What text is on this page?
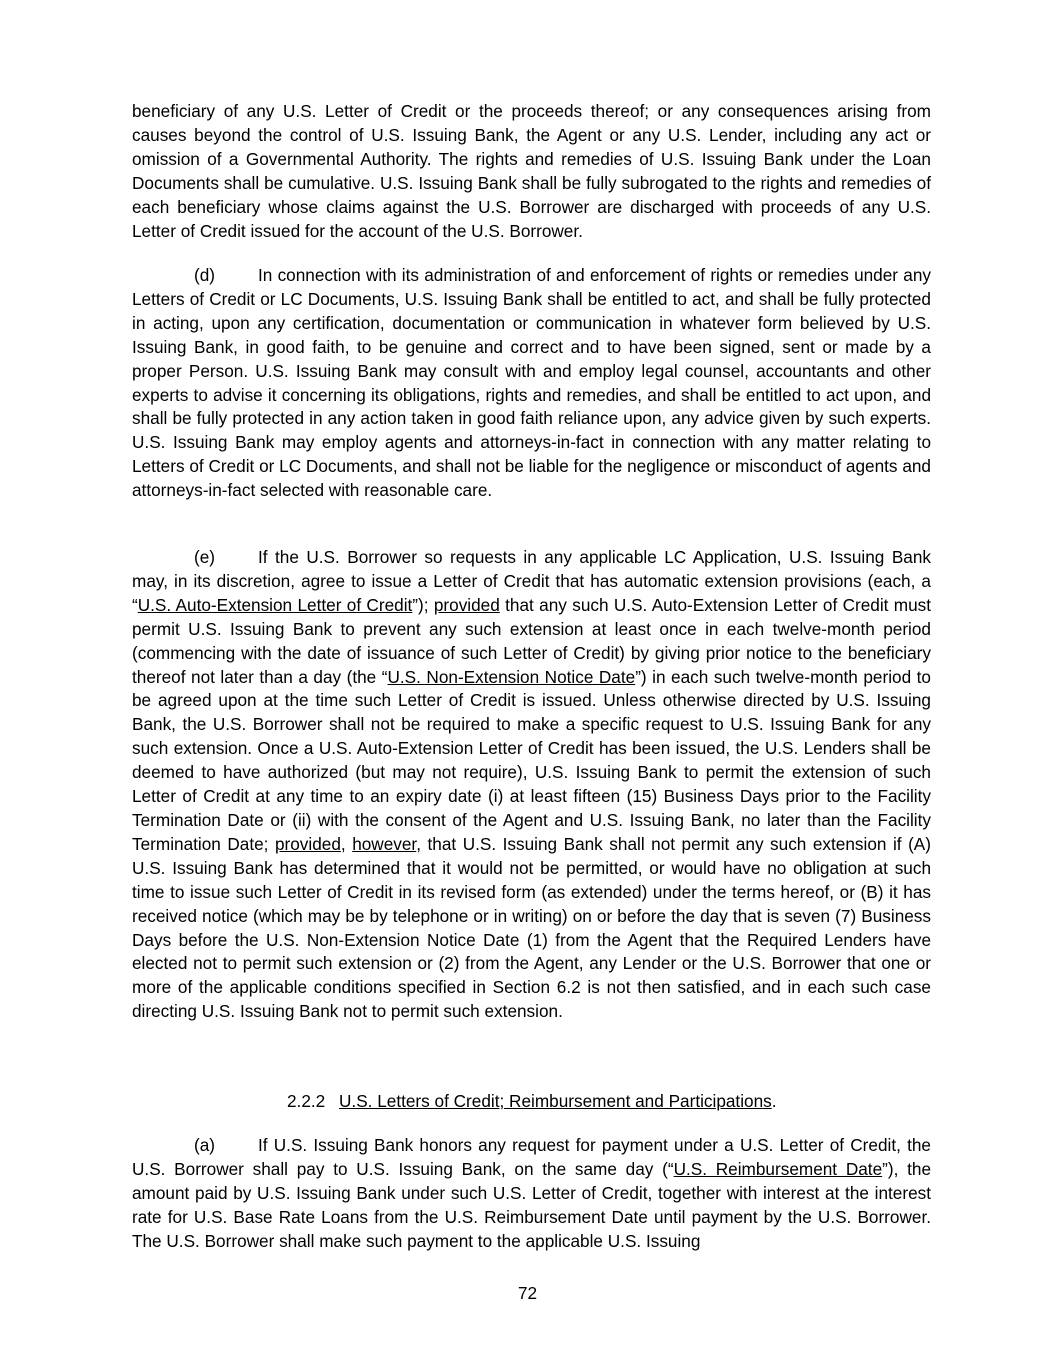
beneficiary of any U.S. Letter of Credit or the proceeds thereof; or any consequences arising from causes beyond the control of U.S. Issuing Bank, the Agent or any U.S. Lender, including any act or omission of a Governmental Authority. The rights and remedies of U.S. Issuing Bank under the Loan Documents shall be cumulative. U.S. Issuing Bank shall be fully subrogated to the rights and remedies of each beneficiary whose claims against the U.S. Borrower are discharged with proceeds of any U.S. Letter of Credit issued for the account of the U.S. Borrower.

(d) In connection with its administration of and enforcement of rights or remedies under any Letters of Credit or LC Documents, U.S. Issuing Bank shall be entitled to act, and shall be fully protected in acting, upon any certification, documentation or communication in whatever form believed by U.S. Issuing Bank, in good faith, to be genuine and correct and to have been signed, sent or made by a proper Person. U.S. Issuing Bank may consult with and employ legal counsel, accountants and other experts to advise it concerning its obligations, rights and remedies, and shall be entitled to act upon, and shall be fully protected in any action taken in good faith reliance upon, any advice given by such experts. U.S. Issuing Bank may employ agents and attorneys-in-fact in connection with any matter relating to Letters of Credit or LC Documents, and shall not be liable for the negligence or misconduct of agents and attorneys-in-fact selected with reasonable care.

(e) If the U.S. Borrower so requests in any applicable LC Application, U.S. Issuing Bank may, in its discretion, agree to issue a Letter of Credit that has automatic extension provisions (each, a “U.S. Auto-Extension Letter of Credit”); provided that any such U.S. Auto-Extension Letter of Credit must permit U.S. Issuing Bank to prevent any such extension at least once in each twelve-month period (commencing with the date of issuance of such Letter of Credit) by giving prior notice to the beneficiary thereof not later than a day (the “U.S. Non-Extension Notice Date”) in each such twelve-month period to be agreed upon at the time such Letter of Credit is issued. Unless otherwise directed by U.S. Issuing Bank, the U.S. Borrower shall not be required to make a specific request to U.S. Issuing Bank for any such extension. Once a U.S. Auto-Extension Letter of Credit has been issued, the U.S. Lenders shall be deemed to have authorized (but may not require), U.S. Issuing Bank to permit the extension of such Letter of Credit at any time to an expiry date (i) at least fifteen (15) Business Days prior to the Facility Termination Date or (ii) with the consent of the Agent and U.S. Issuing Bank, no later than the Facility Termination Date; provided, however, that U.S. Issuing Bank shall not permit any such extension if (A) U.S. Issuing Bank has determined that it would not be permitted, or would have no obligation at such time to issue such Letter of Credit in its revised form (as extended) under the terms hereof, or (B) it has received notice (which may be by telephone or in writing) on or before the day that is seven (7) Business Days before the U.S. Non-Extension Notice Date (1) from the Agent that the Required Lenders have elected not to permit such extension or (2) from the Agent, any Lender or the U.S. Borrower that one or more of the applicable conditions specified in Section 6.2 is not then satisfied, and in each such case directing U.S. Issuing Bank not to permit such extension.

2.2.2 U.S. Letters of Credit; Reimbursement and Participations.

(a) If U.S. Issuing Bank honors any request for payment under a U.S. Letter of Credit, the U.S. Borrower shall pay to U.S. Issuing Bank, on the same day (“U.S. Reimbursement Date”), the amount paid by U.S. Issuing Bank under such U.S. Letter of Credit, together with interest at the interest rate for U.S. Base Rate Loans from the U.S. Reimbursement Date until payment by the U.S. Borrower. The U.S. Borrower shall make such payment to the applicable U.S. Issuing

72
